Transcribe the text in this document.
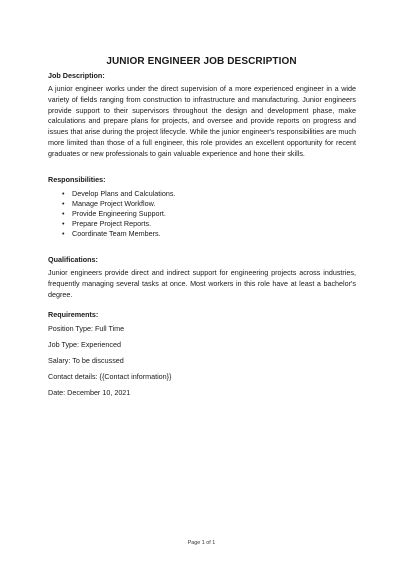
JUNIOR ENGINEER JOB DESCRIPTION
Job Description:
A junior engineer works under the direct supervision of a more experienced engineer in a wide variety of fields ranging from construction to infrastructure and manufacturing. Junior engineers provide support to their supervisors throughout the design and development phase, make calculations and prepare plans for projects, and oversee and provide reports on progress and issues that arise during the project lifecycle. While the junior engineer's responsibilities are much more limited than those of a full engineer, this role provides an excellent opportunity for recent graduates or new professionals to gain valuable experience and hone their skills.
Responsibilities:
• Develop Plans and Calculations.
• Manage Project Workflow.
• Provide Engineering Support.
• Prepare Project Reports.
• Coordinate Team Members.
Qualifications:
Junior engineers provide direct and indirect support for engineering projects across industries, frequently managing several tasks at once. Most workers in this role have at least a bachelor's degree.
Requirements:
Position Type: Full Time
Job Type: Experienced
Salary: To be discussed
Contact details: {{Contact information}}
Date: December 10, 2021
Page 1 of 1
